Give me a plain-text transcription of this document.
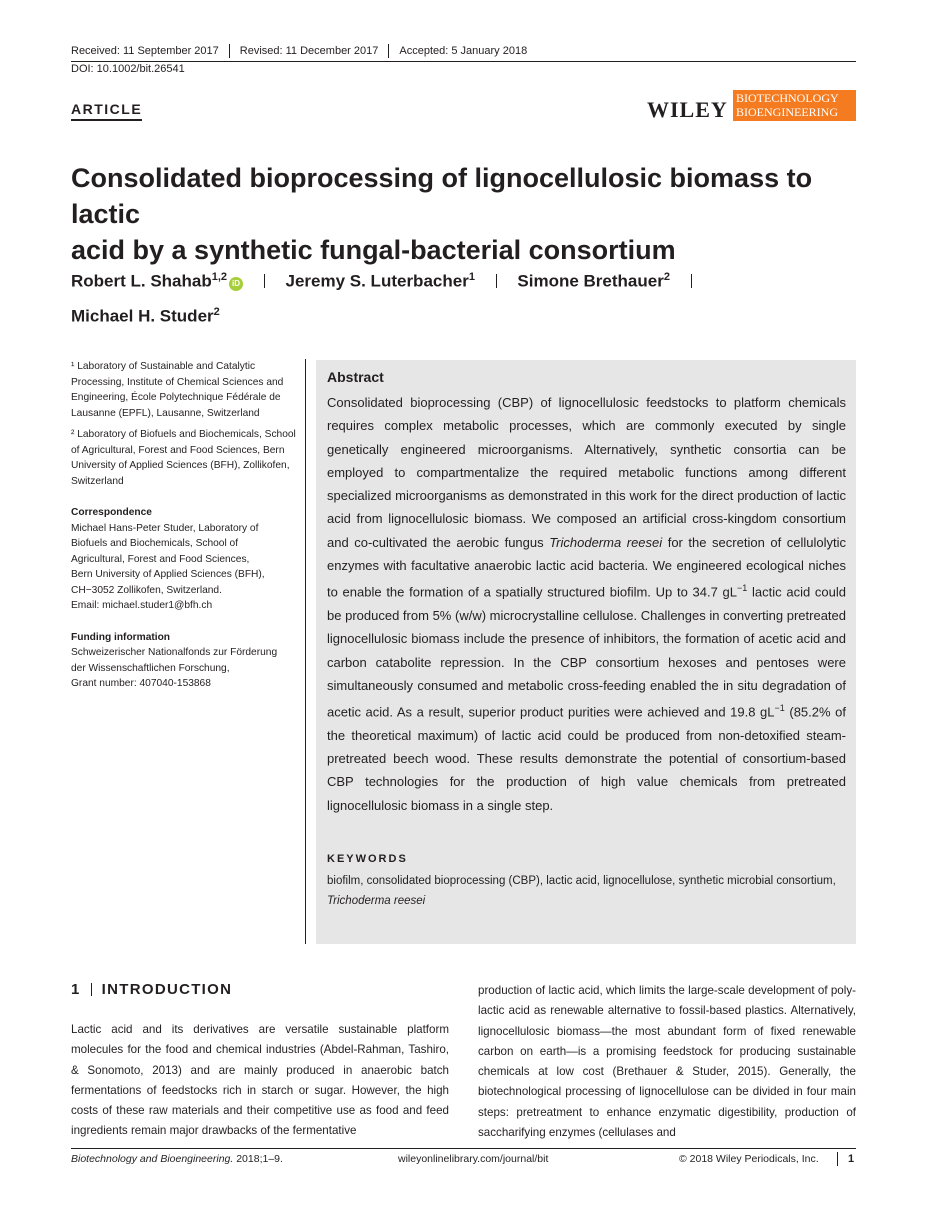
Received: 11 September 2017 Revised: 11 December 2017 Accepted: 5 January 2018
DOI: 10.1002/bit.26541
ARTICLE	WILEY BIOTECHNOLOGY
BIOENGINEERING
Consolidated bioprocessing of lignocellulosic biomass to lactic
acid by a synthetic fungal-bacterial consortium
Robert L. Shahab$^{1,2}$iD	Jeremy S. Luterbacher$^1$ Simone Brethauer$^2$
Michael H. Studer$^2$

¹ Laboratory of Sustainable and Catalytic Processing, Institute of Chemical Sciences and Engineering, École Polytechnique Fédérale de Lausanne (EPFL), Lausanne, Switzerland

² Laboratory of Biofuels and Biochemicals, School of Agricultural, Forest and Food Sciences, Bern University of Applied Sciences (BFH), Zollikofen, Switzerland

Correspondence
Michael Hans-Peter Studer, Laboratory of
Biofuels and Biochemicals, School of
Agricultural, Forest and Food Sciences,
Bern University of Applied Sciences (BFH),
CH−3052 Zollikofen, Switzerland.
Email: michael.studer1@bfh.ch
Funding information
Schweizerischer Nationalfonds zur Förderung
der Wissenschaftlichen Forschung,
Grant number: 407040-153868
Abstract
Consolidated bioprocessing (CBP) of lignocellulosic feedstocks to platform chemicals requires complex metabolic processes, which are commonly executed by single genetically engineered microorganisms. Alternatively, synthetic consortia can be employed to compartmentalize the required metabolic functions among different specialized microorganisms as demonstrated in this work for the direct production of lactic acid from lignocellulosic biomass. We composed an artificial cross-kingdom consortium and co-cultivated the aerobic fungus Trichoderma reesei for the secretion of cellulolytic enzymes with facultative anaerobic lactic acid bacteria. We engineered ecological niches to enable the formation of a spatially structured biofilm. Up to 34.7 $gL^{-1}$ lactic acid could be produced from 5% (w/w) microcrystalline cellulose. Challenges in converting pretreated lignocellulosic biomass include the presence of inhibitors, the formation of acetic acid and carbon catabolite repression. In the CBP consortium hexoses and pentoses were simultaneously consumed and metabolic cross-feeding enabled the in situ degradation of acetic acid. As a result, superior product purities were achieved and 19.8 $gL^{-1}$ (85.2% of the theoretical maximum) of lactic acid could be produced from non-detoxified steam-pretreated beech wood. These results demonstrate the potential of consortium-based CBP technologies for the production of high value chemicals from pretreated lignocellulosic biomass in a single step.
KEYWORDS
biofilm, consolidated bioprocessing (CBP), lactic acid, lignocellulose, synthetic microbial consortium, Trichoderma reesei
1 INTRODUCTION
Lactic acid and its derivatives are versatile sustainable platform molecules for the food and chemical industries (Abdel-Rahman, Tashiro, & Sonomoto, 2013) and are mainly produced in anaerobic batch fermentations of feedstocks rich in starch or sugar. However, the high costs of these raw materials and their competitive use as food and feed ingredients remain major drawbacks of the fermentative
production of lactic acid, which limits the large-scale development of poly-lactic acid as renewable alternative to fossil-based plastics. Alternatively, lignocellulosic biomass—the most abundant form of fixed renewable carbon on earth—is a promising feedstock for producing sustainable chemicals at low cost (Brethauer & Studer, 2015). Generally, the biotechnological processing of lignocellulose can be divided in four main steps: pretreatment to enhance enzymatic digestibility, production of saccharifying enzymes (cellulases and
Biotechnology and Bioengineering. 2018;1–9.	wileyonlinelibrary.com/journal/bit	© 2018 Wiley Periodicals, Inc.	1
